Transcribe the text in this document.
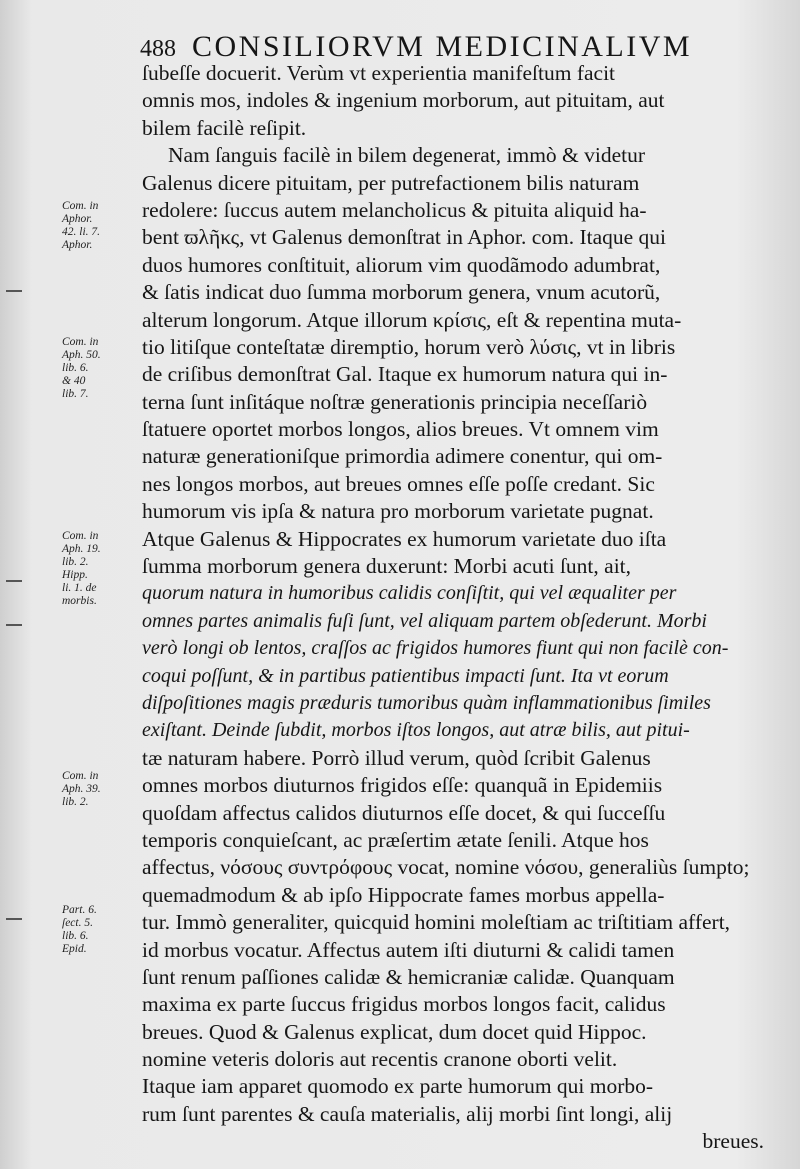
488 CONSILIORVM MEDICINALIVM
ſubeſſe docuerit. Verùm vt experientia manifeſtum facit
omnis mos, indoles & ingenium morborum, aut pituitam, aut
bilem facilè reſipit.
Nam ſanguis facilè in bilem degenerat, immò & videtur
Galenus dicere pituitam, per putrefactionem bilis naturam
redolere: ſuccus autem melancholicus & pituita aliquid ha-
bent ϖλῆκς, vt Galenus demonſtrat in Aphor. com. Itaque qui
duos humores conſtituit, aliorum vim quodãmodo adumbrat,
& ſatis indicat duo ſumma morborum genera, vnum acutorũ,
alterum longorum. Atque illorum κρίσις, eſt & repentina muta-
tio litiſque conteſtatæ diremptio, horum verò λύσις, vt in libris
de criſibus demonſtrat Gal. Itaque ex humorum natura qui in-
terna ſunt inſitáque noſtræ generationis principia neceſſariò
ſtatuere oportet morbos longos, alios breues. Vt omnem vim
naturæ generationiſque primordia adimere conentur, qui om-
nes longos morbos, aut breues omnes eſſe poſſe credant. Sic
humorum vis ipſa & natura pro morborum varietate pugnat.
Atque Galenus & Hippocrates ex humorum varietate duo iſta
ſumma morborum genera duxerunt: Morbi acuti ſunt, ait,
quorum natura in humoribus calidis conſiſtit, qui vel æqualiter per
omnes partes animalis fuſi ſunt, vel aliquam partem obſederunt. Morbi
verò longi ob lentos, craſſos ac frigidos humores fiunt qui non facilè con-
coqui poſſunt, & in partibus patientibus impacti ſunt. Ita vt eorum
diſpoſitiones magis præduris tumoribus quàm inflammationibus ſimiles
exiſtant. Deinde ſubdit, morbos iſtos longos, aut atræ bilis, aut pitui-
tæ naturam habere. Porrò illud verum, quòd ſcribit Galenus
omnes morbos diuturnos frigidos eſſe: quanquã in Epidemiis
quoſdam affectus calidos diuturnos eſſe docet, & qui ſucceſſu
temporis conquieſcant, ac præſertim ætate ſenili. Atque hos
affectus, νόσους συντρόφους vocat, nomine νόσου, generaliùs ſumpto;
quemadmodum & ab ipſo Hippocrate fames morbus appella-
tur. Immò generaliter, quicquid homini moleſtiam ac triſtitiam affert,
id morbus vocatur. Affectus autem iſti diuturni & calidi tamen
ſunt renum paſſiones calidæ & hemicraniæ calidæ. Quanquam
maxima ex parte ſuccus frigidus morbos longos facit, calidus
breues. Quod & Galenus explicat, dum docet quid Hippoc.
nomine veteris doloris aut recentis cranone oborti velit.
Itaque iam apparet quomodo ex parte humorum qui morbo-
rum ſunt parentes & cauſa materialis, alij morbi ſint longi, alij
breues.
Com. in
Aphor.
42. li. 7.
Aphor.
Com. in
Aph. 50.
lib. 6.
& 40
lib. 7.
Com. in
Aph. 19.
lib. 2.
Hipp.
li. 1. de
morbis.
Com. in
Aph. 39.
lib. 2.
Part. 6.
ſect. 5.
lib. 6.
Epid.
